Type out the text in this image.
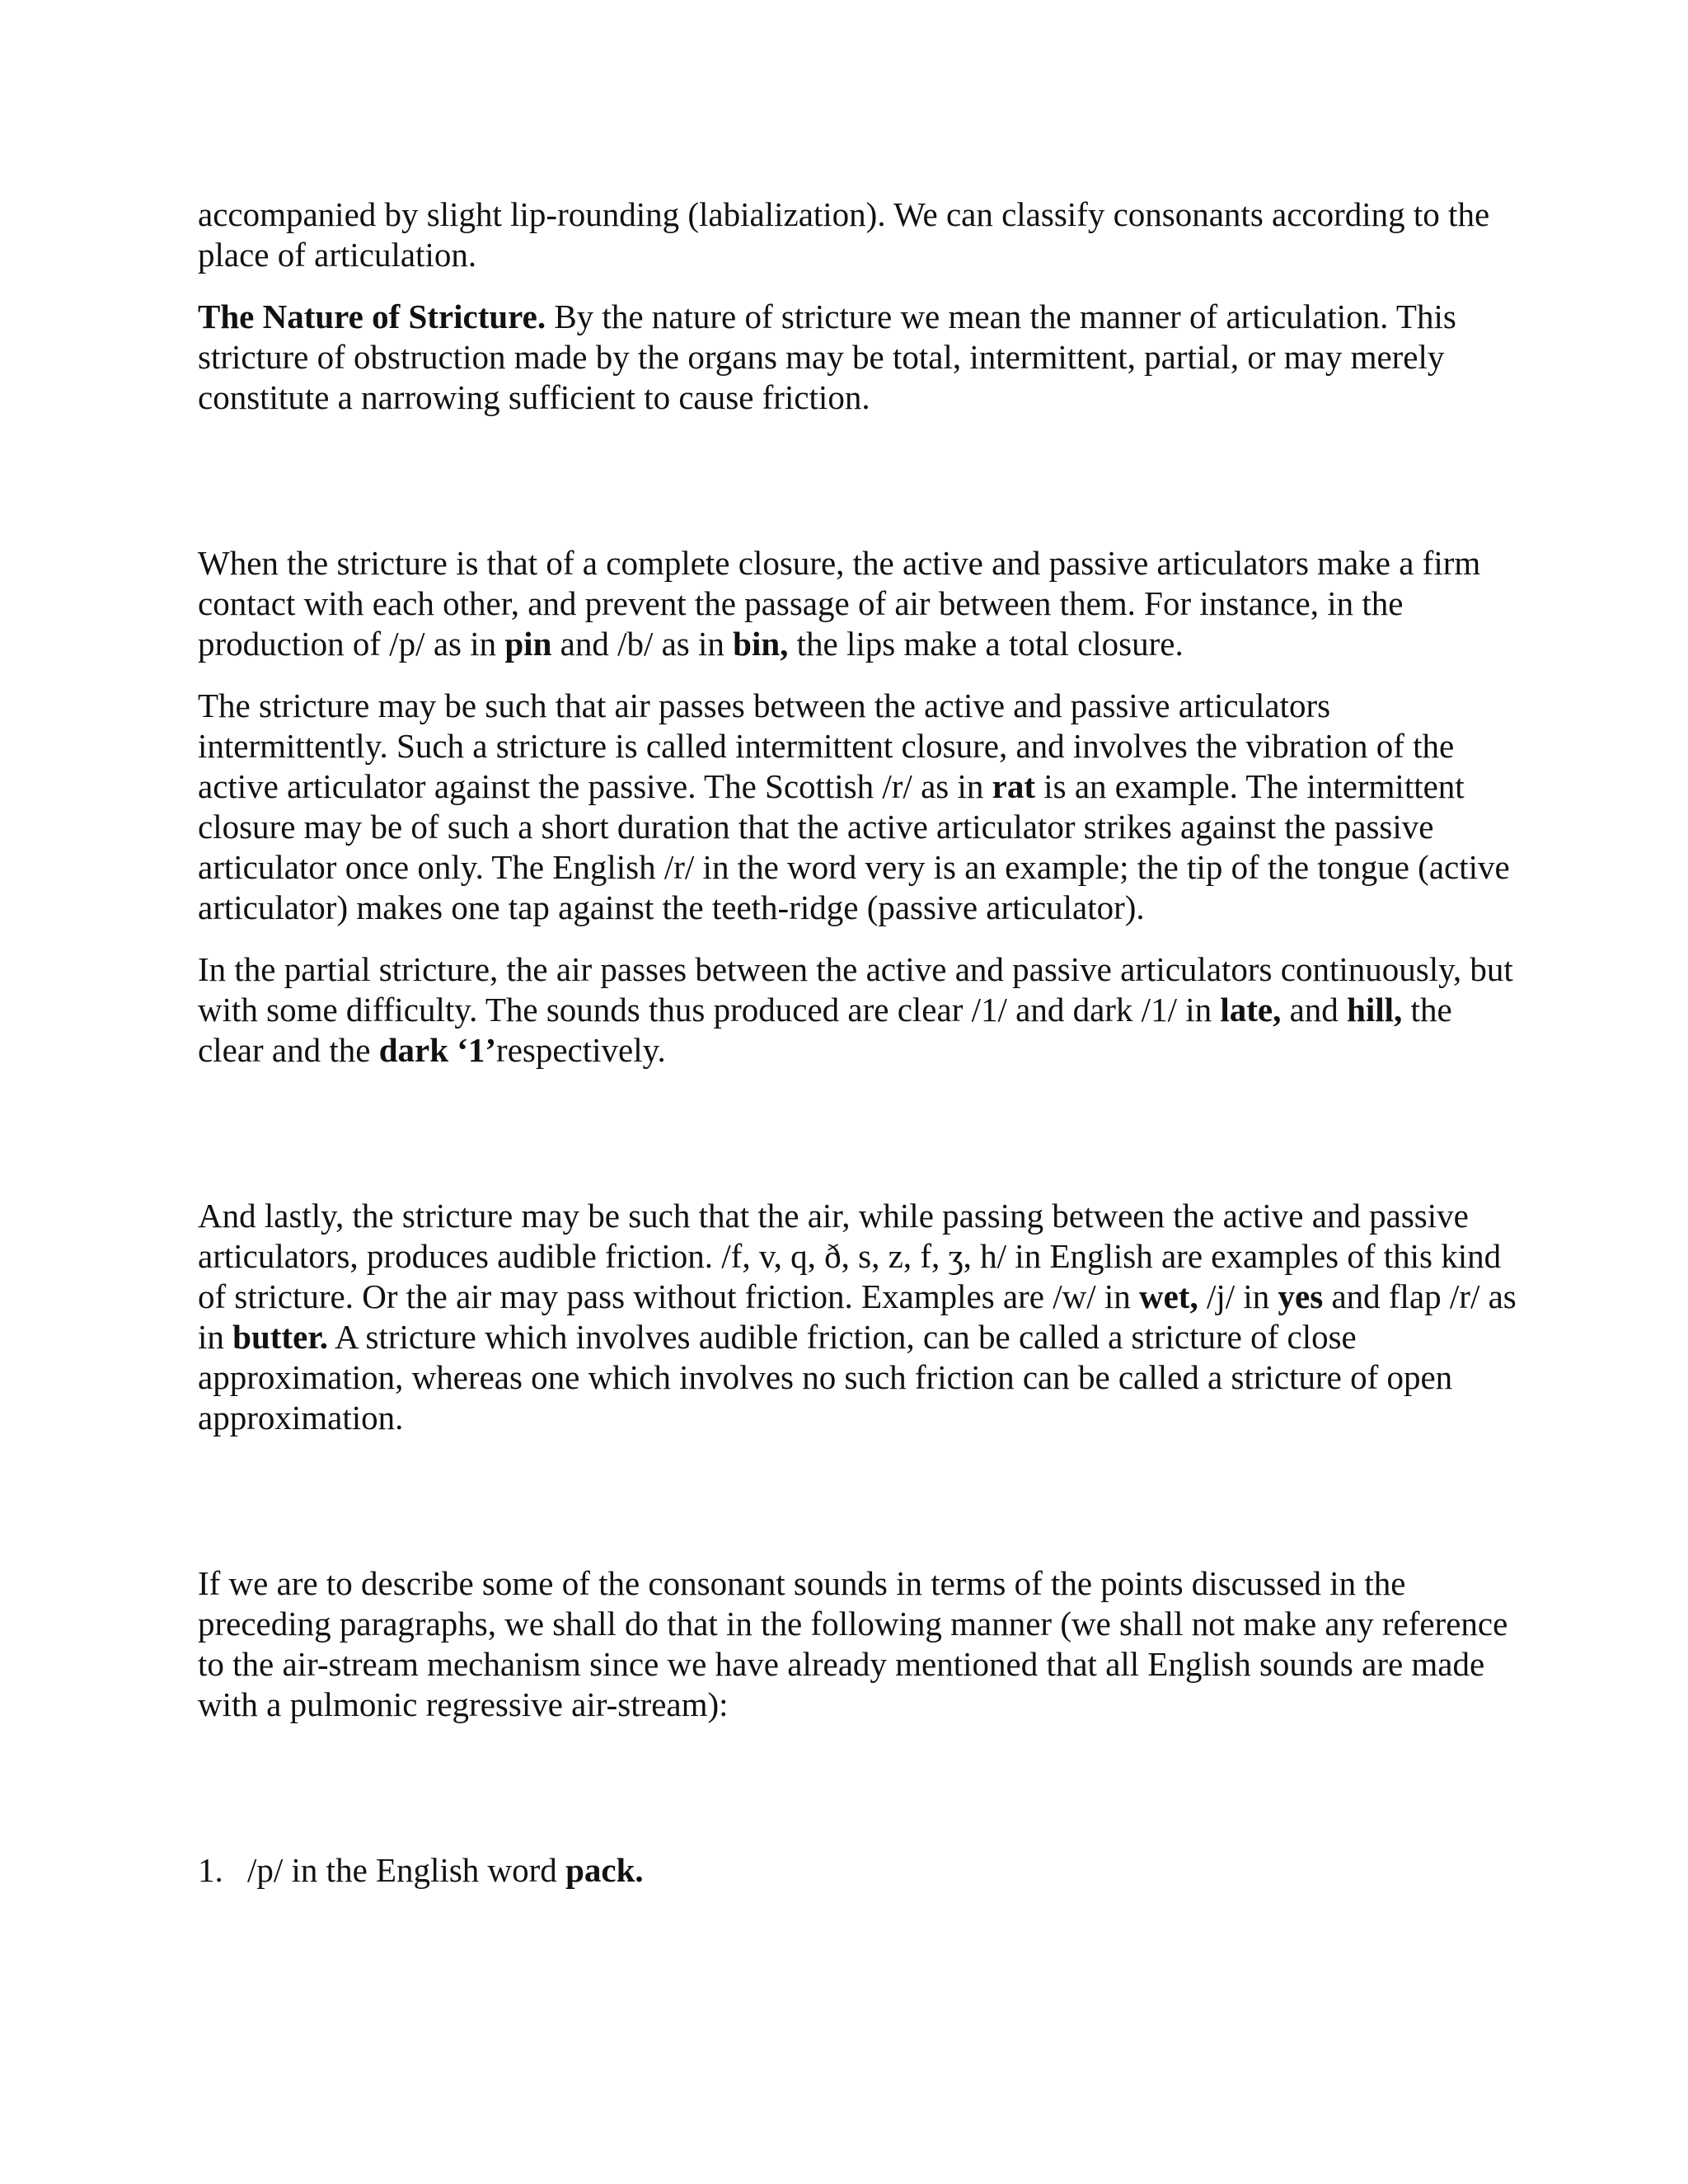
accompanied by slight lip-rounding (labialization). We can classify consonants according to the place of articulation.

The Nature of Stricture. By the nature of stricture we mean the manner of articulation. This stricture of obstruction made by the organs may be total, intermittent, partial, or may merely constitute a narrowing sufficient to cause friction.

When the stricture is that of a complete closure, the active and passive articulators make a firm contact with each other, and prevent the passage of air between them. For instance, in the production of /p/ as in pin and /b/ as in bin, the lips make a total closure.

The stricture may be such that air passes between the active and passive articulators intermittently. Such a stricture is called intermittent closure, and involves the vibration of the active articulator against the passive. The Scottish /r/ as in rat is an example. The intermittent closure may be of such a short duration that the active articulator strikes against the passive articulator once only. The English /r/ in the word very is an example; the tip of the tongue (active articulator) makes one tap against the teeth-ridge (passive articulator).

In the partial stricture, the air passes between the active and passive articulators continuously, but with some difficulty. The sounds thus produced are clear /1/ and dark /1/ in late, and hill, the clear and the dark ‘1’respectively.

And lastly, the stricture may be such that the air, while passing between the active and passive articulators, produces audible friction. /f, v, q, ð, s, z, f, ʒ, h/ in English are examples of this kind of stricture. Or the air may pass without friction. Examples are /w/ in wet, /j/ in yes and flap /r/ as in butter. A stricture which involves audible friction, can be called a stricture of close approximation, whereas one which involves no such friction can be called a stricture of open approximation.

If we are to describe some of the consonant sounds in terms of the points discussed in the preceding paragraphs, we shall do that in the following manner (we shall not make any reference to the air-stream mechanism since we have already mentioned that all English sounds are made with a pulmonic regressive air-stream):

1. /p/ in the English word pack.
